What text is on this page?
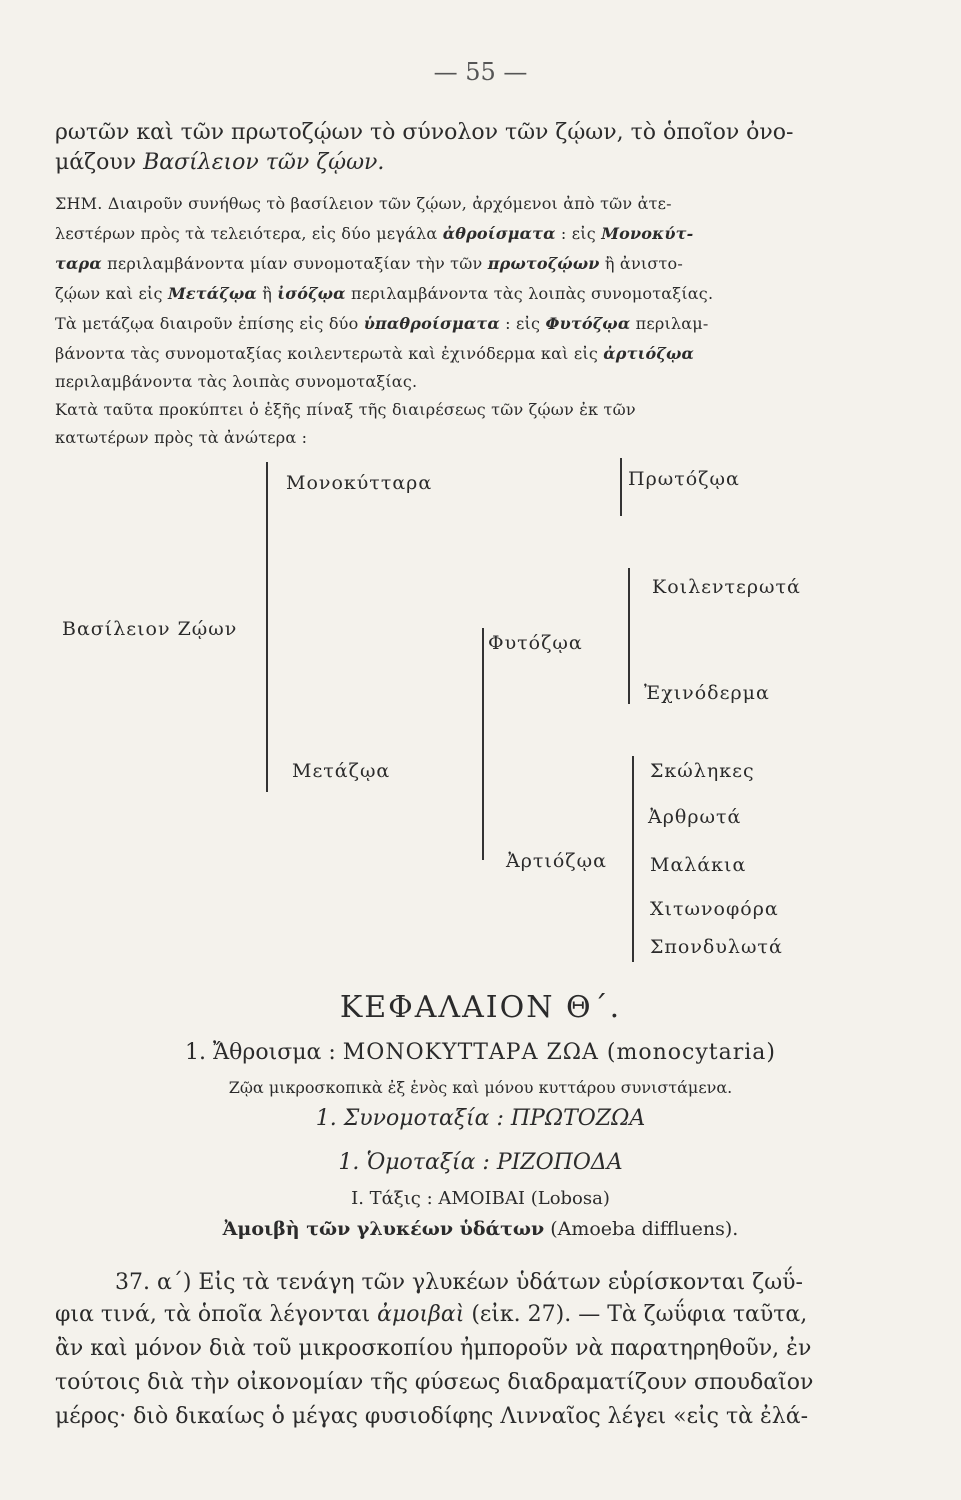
— 55 —
ρωτῶν καὶ τῶν πρωτοζῴων τὸ σύνολον τῶν ζῴων, τὸ ὁποῖον ὀνο-
μάζουν Βασίλειον τῶν ζῴων.
ΣΗΜ. Διαιροῦν συνήθως τὸ βασίλειον τῶν ζῴων, ἀρχόμενοι ἀπὸ τῶν ἀτε-
λεστέρων πρὸς τὰ τελειότερα, εἰς δύο μεγάλα ἀθροίσματα : εἰς Μονοκύτ-
ταρα περιλαμβάνοντα μίαν συνομοταξίαν τὴν τῶν πρωτοζῴων ἢ ἀνιστο-
ζῴων καὶ εἰς Μετάζῳα ἢ ἰσόζῳα περιλαμβάνοντα τὰς λοιπὰς συνομοταξίας.
Τὰ μετάζῳα διαιροῦν ἐπίσης εἰς δύο ὑπαθροίσματα : εἰς Φυτόζῳα περιλαμ-
βάνοντα τὰς συνομοταξίας κοιλεντερωτὰ καὶ ἐχινόδερμα καὶ εἰς ἀρτιόζῳα
περιλαμβάνοντα τὰς λοιπὰς συνομοταξίας.
Κατὰ ταῦτα προκύπτει ὁ ἑξῆς πίναξ τῆς διαιρέσεως τῶν ζῴων ἐκ τῶν
κατωτέρων πρὸς τὰ ἀνώτερα :
Βασίλειον Ζῴων
Μονοκύτταρα	Πρωτόζῳα
Μετάζῳα
Φυτόζῳα
Κοιλεντερωτά
Ἐχινόδερμα
Ἀρτιόζῳα
Σκώληκες
Ἀρθρωτά
Μαλάκια
Χιτωνοφόρα
Σπονδυλωτά
ΚΕΦΑΛΑΙΟΝ Θ΄.
1. Ἄθροισμα : ΜΟΝΟΚΥΤΤΑΡΑ ΖΩΑ (monocytaria)
Ζῷα μικροσκοπικὰ ἐξ ἑνὸς καὶ μόνου κυττάρου συνιστάμενα.
1. Συνομοταξία : ΠΡΩΤΟΖΩΑ
1. Ὁμοταξία : ΡΙΖΟΠΟΔΑ
Ι. Τάξις : ΑΜΟΙΒΑΙ (Lobosa)
Ἀμοιβὴ τῶν γλυκέων ὑδάτων (Amoeba diffluens).
37. α΄) Εἰς τὰ τενάγη τῶν γλυκέων ὑδάτων εὑρίσκονται ζωΰ-
φια τινά, τὰ ὁποῖα λέγονται ἀμοιβαὶ (εἰκ. 27). — Τὰ ζωΰφια ταῦτα,
ἂν καὶ μόνον διὰ τοῦ μικροσκοπίου ἠμποροῦν νὰ παρατηρηθοῦν, ἐν
τούτοις διὰ τὴν οἰκονομίαν τῆς φύσεως διαδραματίζουν σπουδαῖον
μέρος· διὸ δικαίως ὁ μέγας φυσιοδίφης Λινναῖος λέγει «εἰς τὰ ἐλά-
